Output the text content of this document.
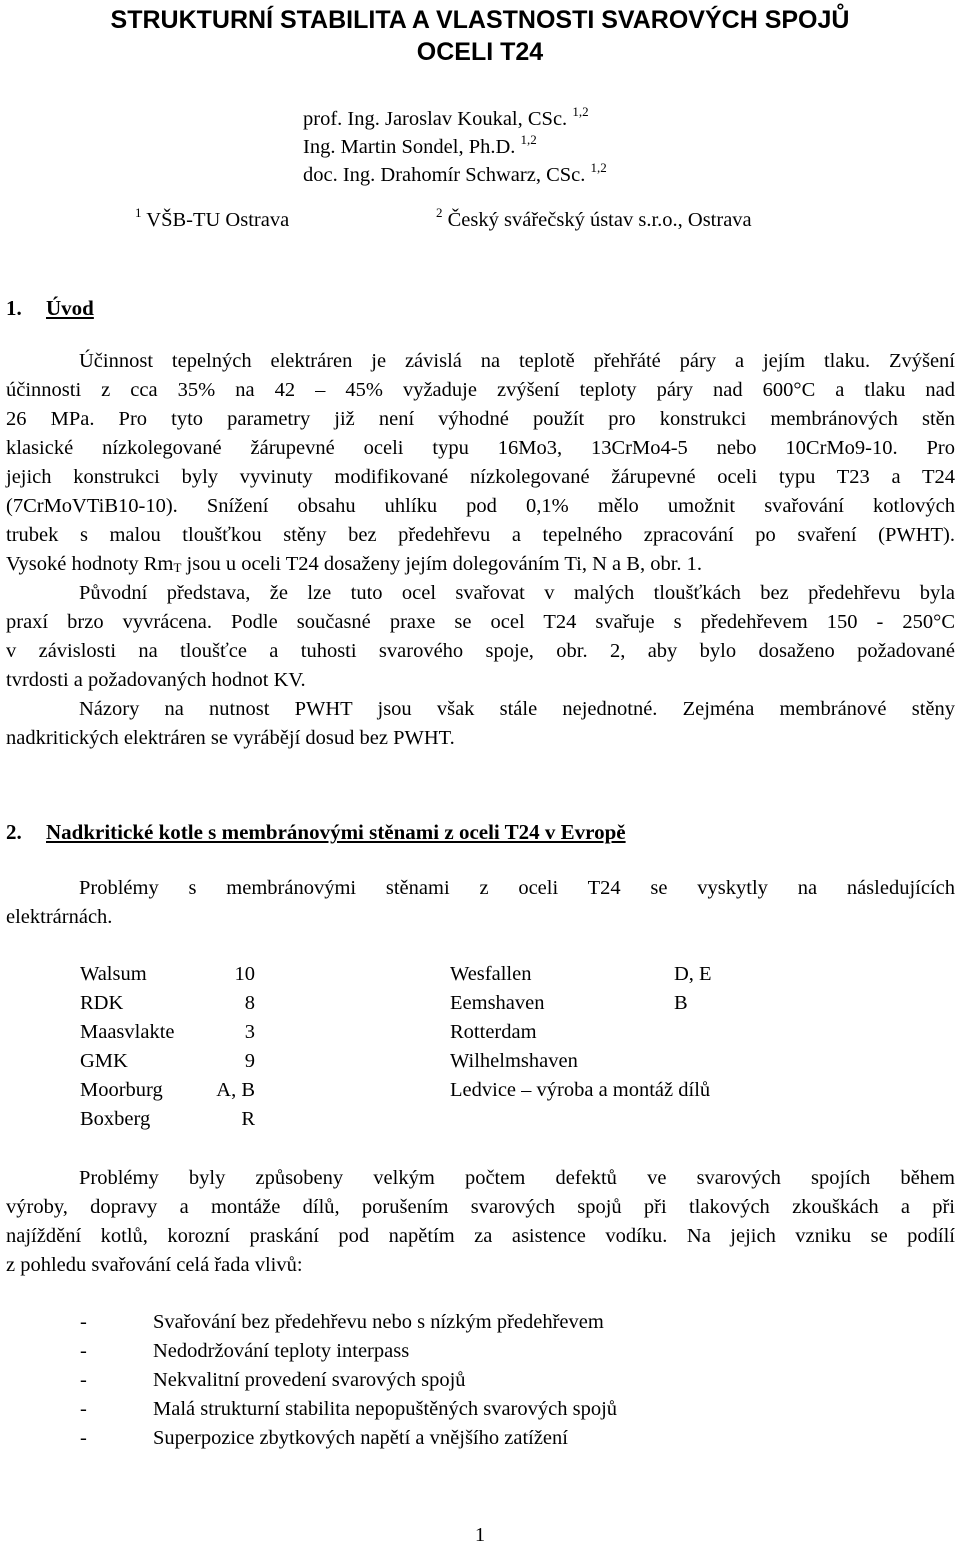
STRUKTURNÍ STABILITA A VLASTNOSTI SVAROVÝCH SPOJŮ
OCELI T24
prof. Ing. Jaroslav Koukal, CSc. $^{1,2}$
Ing. Martin Sondel, Ph.D. $^{1,2}$
doc. Ing. Drahomír Schwarz, CSc. $^{1,2}$
$^1$ VŠB-TU Ostrava	$^2$ Český svářečský ústav s.r.o., Ostrava
1. Úvod
Účinnost tepelných elektráren je závislá na teplotě přehřáté páry a jejím tlaku. Zvýšení
účinnosti z cca 35% na 42 – 45% vyžaduje zvýšení teploty páry nad 600°C a tlaku nad
26 MPa. Pro tyto parametry již není výhodné použít pro konstrukci membránových stěn
klasické nízkolegované žárupevné oceli typu 16Mo3, 13CrMo4-5 nebo 10CrMo9-10. Pro
jejich konstrukci byly vyvinuty modifikované nízkolegované žárupevné oceli typu T23 a T24
(7CrMoVTiB10-10). Snížení obsahu uhlíku pod 0,1% mělo umožnit svařování kotlových
trubek s malou tloušťkou stěny bez předehřevu a tepelného zpracování po svaření (PWHT).
Vysoké hodnoty RmT jsou u oceli T24 dosaženy jejím dolegováním Ti, N a B, obr. 1.
Původní představa, že lze tuto ocel svařovat v malých tloušťkách bez předehřevu byla
praxí brzo vyvrácena. Podle současné praxe se ocel T24 svařuje s předehřevem 150 - 250°C
v závislosti na tloušťce a tuhosti svarového spoje, obr. 2, aby bylo dosaženo požadované
tvrdosti a požadovaných hodnot KV.
Názory na nutnost PWHT jsou však stále nejednotné. Zejména membránové stěny
nadkritických elektráren se vyrábějí dosud bez PWHT.
2. Nadkritické kotle s membránovými stěnami z oceli T24 v Evropě
Problémy s membránovými stěnami z oceli T24 se vyskytly na následujících
elektrárnách.
Walsum	10
RDK	8
Maasvlakte	3
GMK	9
Moorburg	A, B
Boxberg	R
Wesfallen	D, E
Eemshaven	B
Rotterdam
Wilhelmshaven
Ledvice – výroba a montáž dílů
Problémy byly způsobeny velkým počtem defektů ve svarových spojích během
výroby, dopravy a montáže dílů, porušením svarových spojů při tlakových zkouškách a při
najíždění kotlů, korozní praskání pod napětím za asistence vodíku. Na jejich vzniku se podílí
z pohledu svařování celá řada vlivů:
-	Svařování bez předehřevu nebo s nízkým předehřevem
-	Nedodržování teploty interpass
-	Nekvalitní provedení svarových spojů
-	Malá strukturní stabilita nepopuštěných svarových spojů
-	Superpozice zbytkových napětí a vnějšího zatížení
1
